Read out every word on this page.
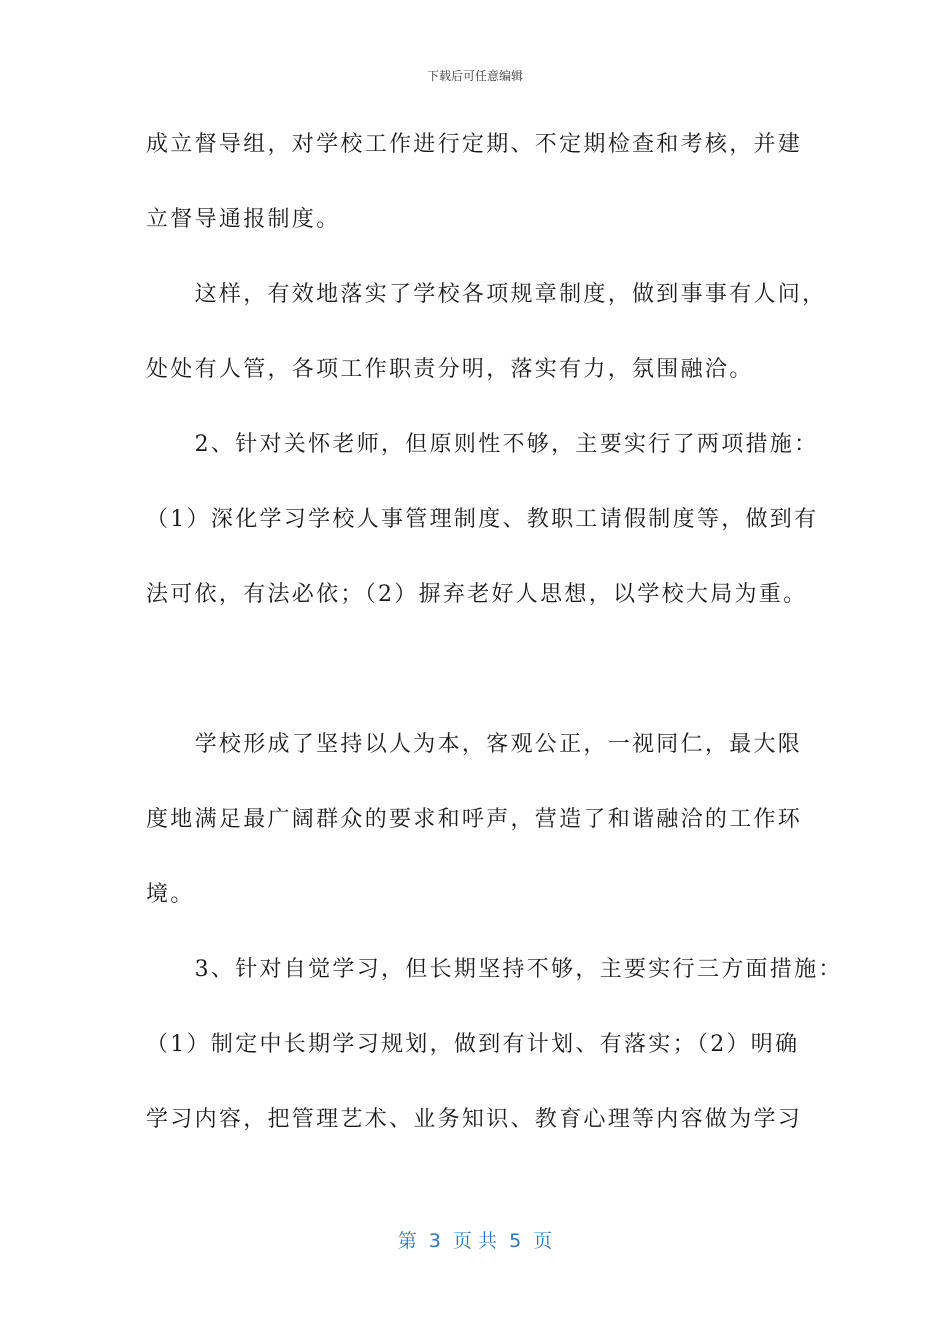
下载后可任意编辑
成立督导组，对学校工作进行定期、不定期检查和考核，并建
立督导通报制度。
　　这样，有效地落实了学校各项规章制度，做到事事有人问，
处处有人管，各项工作职责分明，落实有力，氛围融洽。
　　2、针对关怀老师，但原则性不够，主要实行了两项措施：
（1）深化学习学校人事管理制度、教职工请假制度等，做到有
法可依，有法必依；（2）摒弃老好人思想，以学校大局为重。
　　学校形成了坚持以人为本，客观公正，一视同仁，最大限
度地满足最广阔群众的要求和呼声，营造了和谐融洽的工作环
境。
　　3、针对自觉学习，但长期坚持不够，主要实行三方面措施：
（1）制定中长期学习规划，做到有计划、有落实；（2）明确
学习内容，把管理艺术、业务知识、教育心理等内容做为学习
第  3  页 共  5  页
